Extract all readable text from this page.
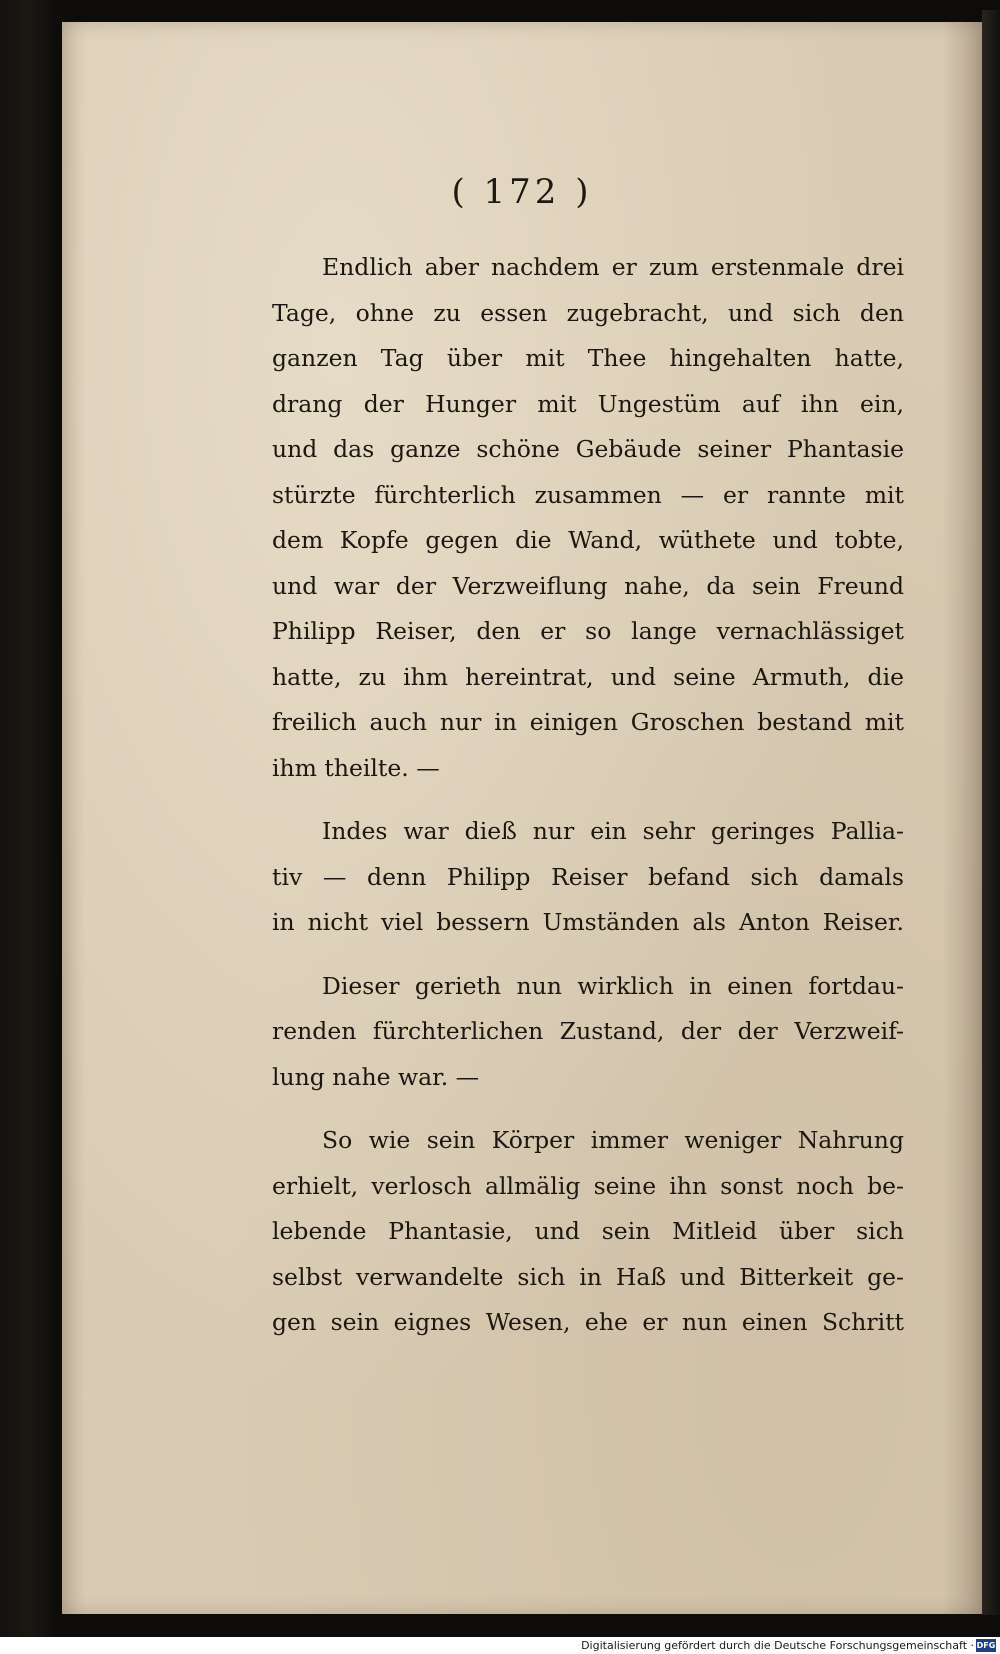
( 172 )
Endlich aber nachdem er zum erstenmale drei
Tage, ohne zu essen zugebracht, und sich den
ganzen Tag über mit Thee hingehalten hatte,
drang der Hunger mit Ungestüm auf ihn ein,
und das ganze schöne Gebäude seiner Phantasie
stürzte fürchterlich zusammen — er rannte mit
dem Kopfe gegen die Wand, wüthete und tobte,
und war der Verzweiflung nahe, da sein Freund
Philipp Reiser, den er so lange vernachlässiget
hatte, zu ihm hereintrat, und seine Armuth, die
freilich auch nur in einigen Groschen bestand mit
ihm theilte. —
Indes war dieß nur ein sehr geringes Pallia-
tiv — denn Philipp Reiser befand sich damals
in nicht viel bessern Umständen als Anton Reiser.
Dieser gerieth nun wirklich in einen fortdau-
renden fürchterlichen Zustand, der der Verzweif-
lung nahe war. —
So wie sein Körper immer weniger Nahrung
erhielt, verlosch allmälig seine ihn sonst noch be-
lebende Phantasie, und sein Mitleid über sich
selbst verwandelte sich in Haß und Bitterkeit ge-
gen sein eignes Wesen, ehe er nun einen Schritt
Digitalisierung gefördert durch die Deutsche Forschungsgemeinschaft · DFG
